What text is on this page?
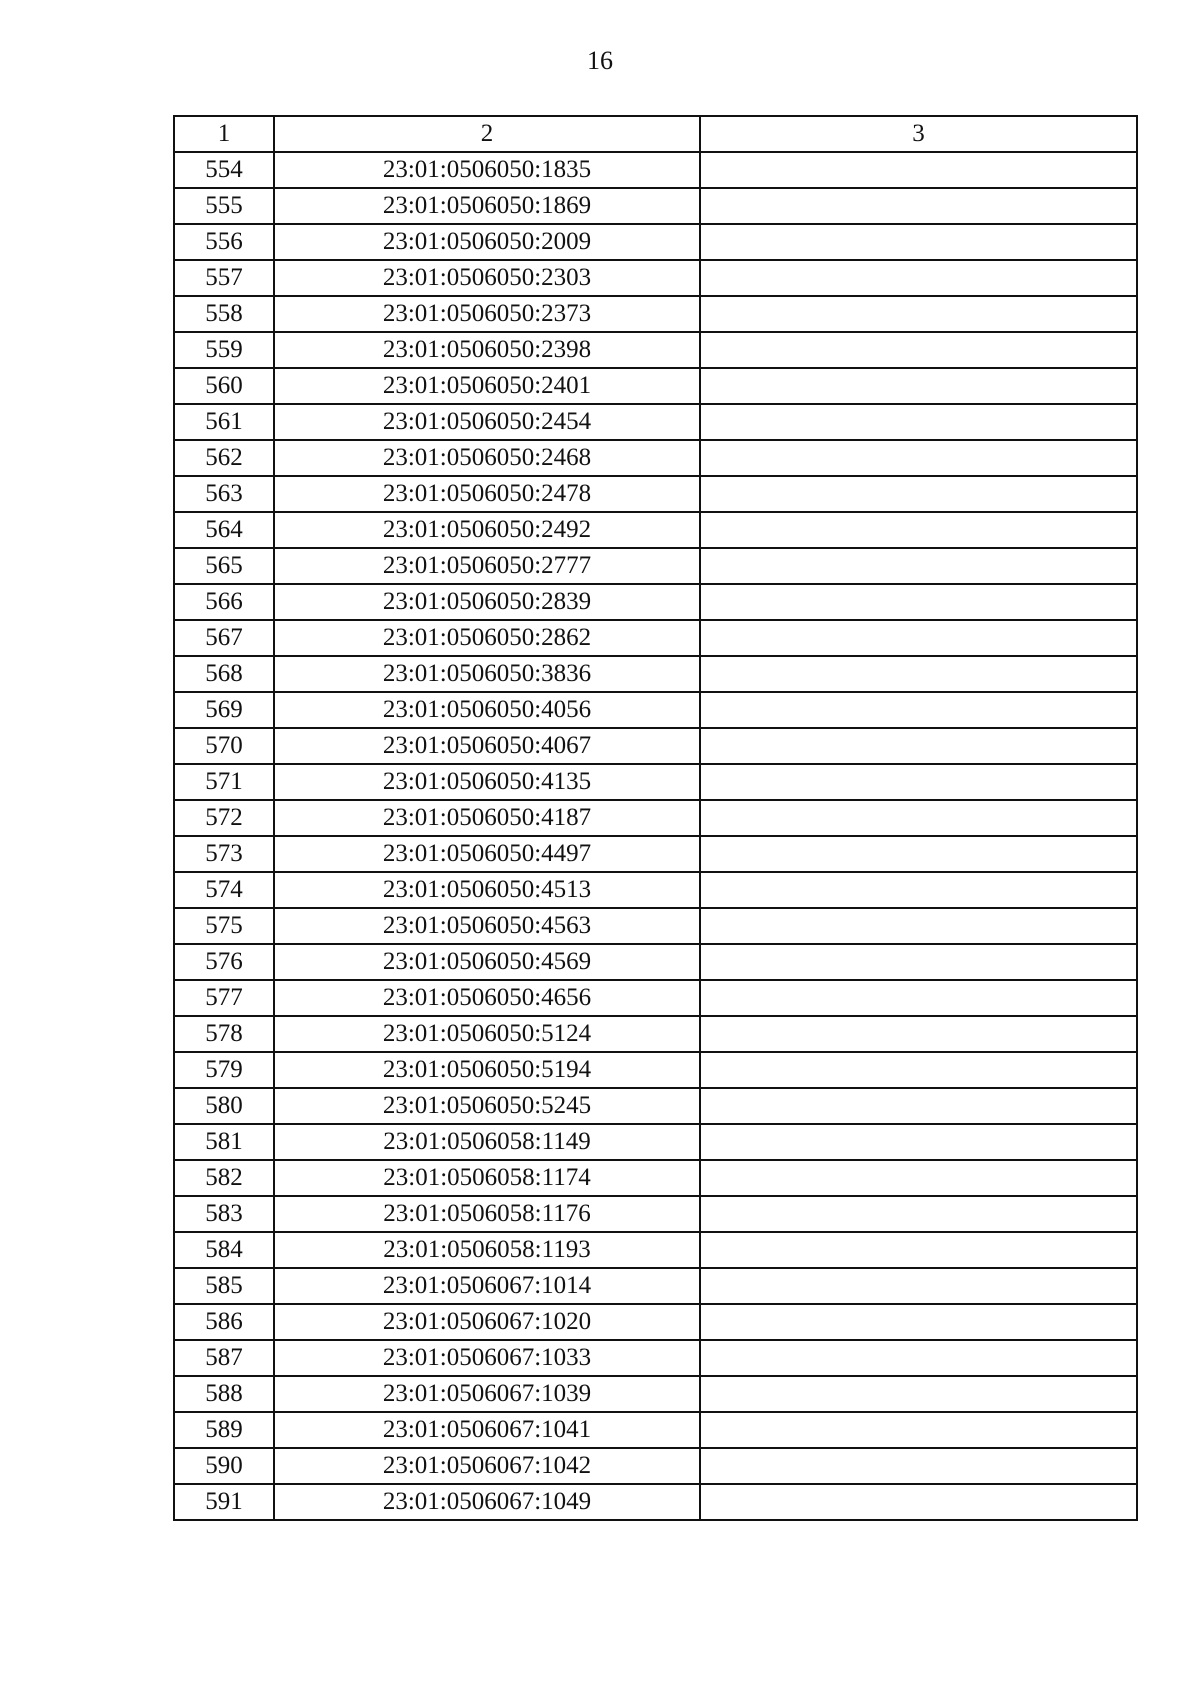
16
1	2	3
554	23:01:0506050:1835	
555	23:01:0506050:1869	
556	23:01:0506050:2009	
557	23:01:0506050:2303	
558	23:01:0506050:2373	
559	23:01:0506050:2398	
560	23:01:0506050:2401	
561	23:01:0506050:2454	
562	23:01:0506050:2468	
563	23:01:0506050:2478	
564	23:01:0506050:2492	
565	23:01:0506050:2777	
566	23:01:0506050:2839	
567	23:01:0506050:2862	
568	23:01:0506050:3836	
569	23:01:0506050:4056	
570	23:01:0506050:4067	
571	23:01:0506050:4135	
572	23:01:0506050:4187	
573	23:01:0506050:4497	
574	23:01:0506050:4513	
575	23:01:0506050:4563	
576	23:01:0506050:4569	
577	23:01:0506050:4656	
578	23:01:0506050:5124	
579	23:01:0506050:5194	
580	23:01:0506050:5245	
581	23:01:0506058:1149	
582	23:01:0506058:1174	
583	23:01:0506058:1176	
584	23:01:0506058:1193	
585	23:01:0506067:1014	
586	23:01:0506067:1020	
587	23:01:0506067:1033	
588	23:01:0506067:1039	
589	23:01:0506067:1041	
590	23:01:0506067:1042	
591	23:01:0506067:1049	
